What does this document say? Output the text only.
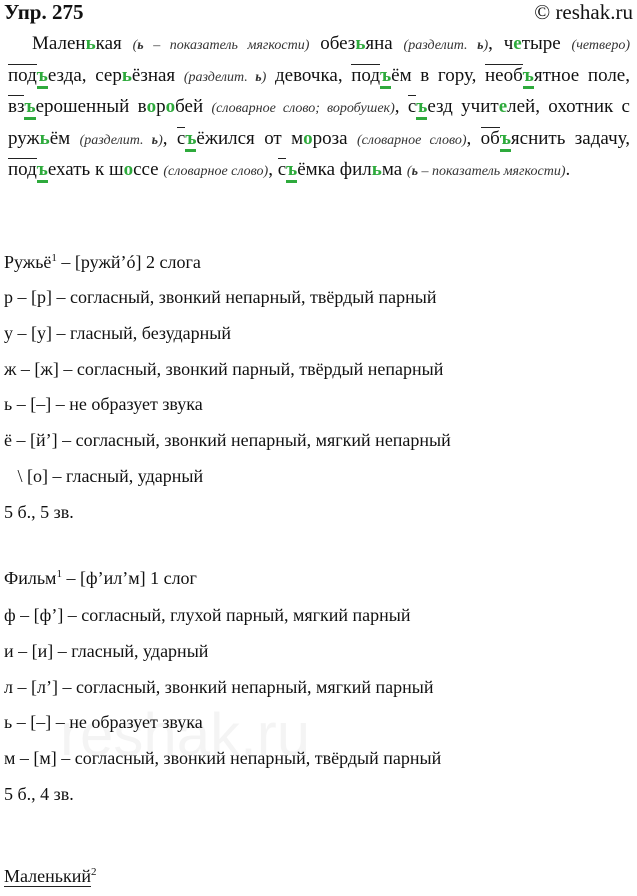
Упр. 275	© reshak.ru
Маленькая (ь – показатель мягкости) обезьяна (разделит. ь), четыре (четверо) подъезда, серьёзная (разделит. ь) девочка, подъём в гору, необъятное поле, взъерошенный воробей (словарное слово; воробушек), съезд учителей, охотник с ружьём (разделит. ь), съёжился от мороза (словарное слово), объяснить задачу, подъехать к шоссе (словарное слово), съёмка фильма (ь – показатель мягкости).
Ружьё$^1$ – [ружй’ó] 2 слога
р – [р] – согласный, звонкий непарный, твёрдый парный
у – [у] – гласный, безударный
ж – [ж] – согласный, звонкий парный, твёрдый непарный
ь – [–] – не образует звука
ё – [й’] – согласный, звонкий непарный, мягкий непарный
\ [о] – гласный, ударный
5 б., 5 зв.
Фильм$^1$ – [ф’ил’м] 1 слог
ф – [ф’] – согласный, глухой парный, мягкий парный
и – [и] – гласный, ударный
л – [л’] – согласный, звонкий непарный, мягкий парный
ь – [–] – не образует звука
м – [м] – согласный, звонкий непарный, твёрдый парный
5 б., 4 зв.
Маленький$^2$
